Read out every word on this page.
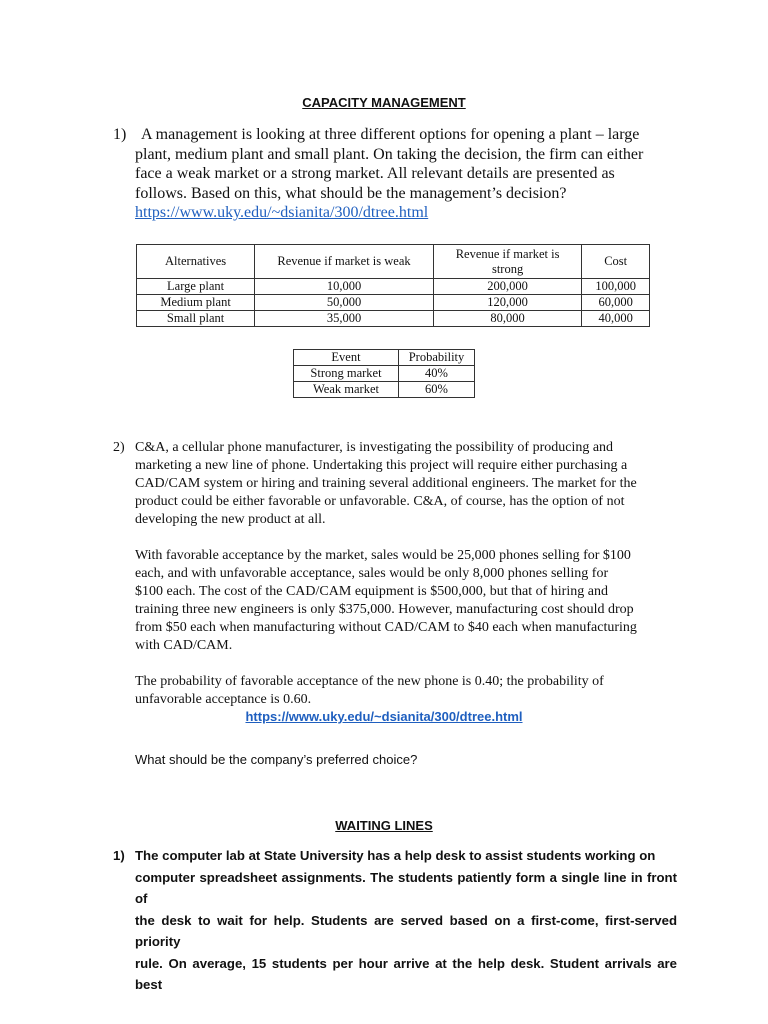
CAPACITY MANAGEMENT
1) A management is looking at three different options for opening a plant – large

plant, medium plant and small plant. On taking the decision, the firm can either

face a weak market or a strong market. All relevant details are presented as

follows. Based on this, what should be the management’s decision?

https://www.uky.edu/~dsianita/300/dtree.html

Alternatives	Revenue if market is weak	Revenue if market is strong	Cost
Large plant	10,000	200,000	100,000
Medium plant	50,000	120,000	60,000
Small plant	35,000	80,000	40,000
Event	Probability
Strong market	40%
Weak market	60%
2) C&A, a cellular phone manufacturer, is investigating the possibility of producing and

marketing a new line of phone. Undertaking this project will require either purchasing a

CAD/CAM system or hiring and training several additional engineers. The market for the

product could be either favorable or unfavorable. C&A, of course, has the option of not

developing the new product at all.

With favorable acceptance by the market, sales would be 25,000 phones selling for $100

each, and with unfavorable acceptance, sales would be only 8,000 phones selling for

$100 each. The cost of the CAD/CAM equipment is $500,000, but that of hiring and

training three new engineers is only $375,000. However, manufacturing cost should drop

from $50 each when manufacturing without CAD/CAM to $40 each when manufacturing

with CAD/CAM.

The probability of favorable acceptance of the new phone is 0.40; the probability of

unfavorable acceptance is 0.60.

https://www.uky.edu/~dsianita/300/dtree.html
What should be the company’s preferred choice?
WAITING LINES
1) The computer lab at State University has a help desk to assist students working on

computer spreadsheet assignments. The students patiently form a single line in front of

the desk to wait for help. Students are served based on a first-come, first-served priority

rule. On average, 15 students per hour arrive at the help desk. Student arrivals are best
